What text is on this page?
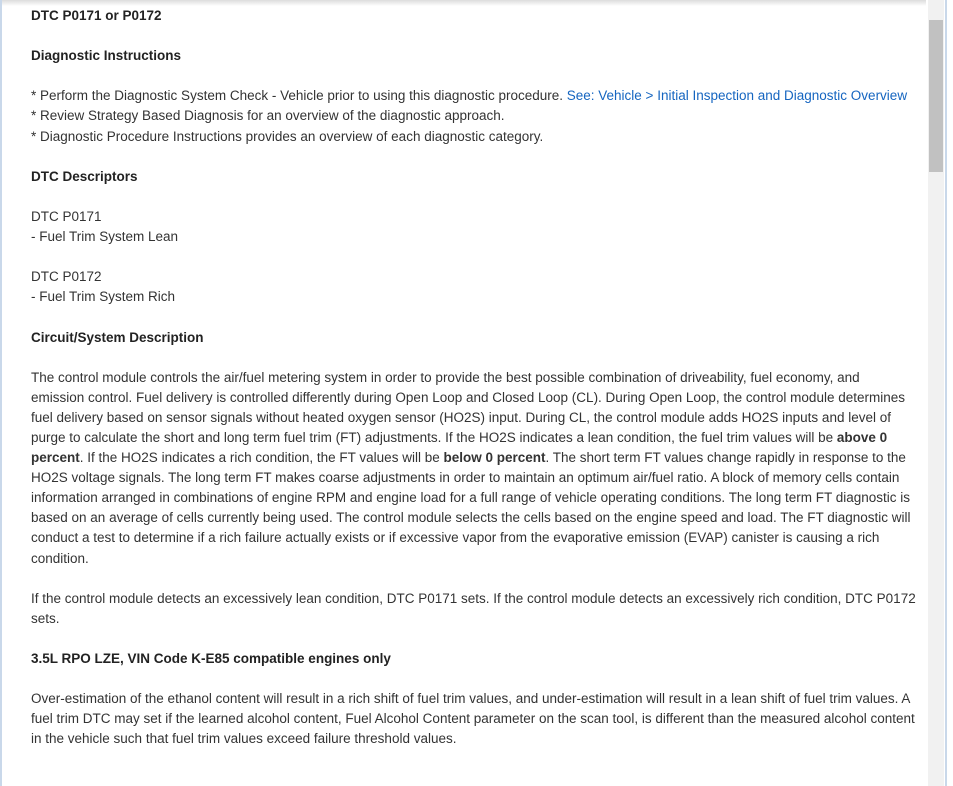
DTC P0171 or P0172

Diagnostic Instructions

* Perform the Diagnostic System Check - Vehicle prior to using this diagnostic procedure. See: Vehicle > Initial Inspection and Diagnostic Overview

* Review Strategy Based Diagnosis for an overview of the diagnostic approach.

* Diagnostic Procedure Instructions provides an overview of each diagnostic category.

DTC Descriptors

DTC P0171

- Fuel Trim System Lean

DTC P0172

- Fuel Trim System Rich

Circuit/System Description

The control module controls the air/fuel metering system in order to provide the best possible combination of driveability, fuel economy, and emission control. Fuel delivery is controlled differently during Open Loop and Closed Loop (CL). During Open Loop, the control module determines fuel delivery based on sensor signals without heated oxygen sensor (HO2S) input. During CL, the control module adds HO2S inputs and level of purge to calculate the short and long term fuel trim (FT) adjustments. If the HO2S indicates a lean condition, the fuel trim values will be above 0 percent. If the HO2S indicates a rich condition, the FT values will be below 0 percent. The short term FT values change rapidly in response to the HO2S voltage signals. The long term FT makes coarse adjustments in order to maintain an optimum air/fuel ratio. A block of memory cells contain information arranged in combinations of engine RPM and engine load for a full range of vehicle operating conditions. The long term FT diagnostic is based on an average of cells currently being used. The control module selects the cells based on the engine speed and load. The FT diagnostic will conduct a test to determine if a rich failure actually exists or if excessive vapor from the evaporative emission (EVAP) canister is causing a rich condition.

If the control module detects an excessively lean condition, DTC P0171 sets. If the control module detects an excessively rich condition, DTC P0172 sets.

3.5L RPO LZE, VIN Code K-E85 compatible engines only

Over-estimation of the ethanol content will result in a rich shift of fuel trim values, and under-estimation will result in a lean shift of fuel trim values. A fuel trim DTC may set if the learned alcohol content, Fuel Alcohol Content parameter on the scan tool, is different than the measured alcohol content in the vehicle such that fuel trim values exceed failure threshold values.
